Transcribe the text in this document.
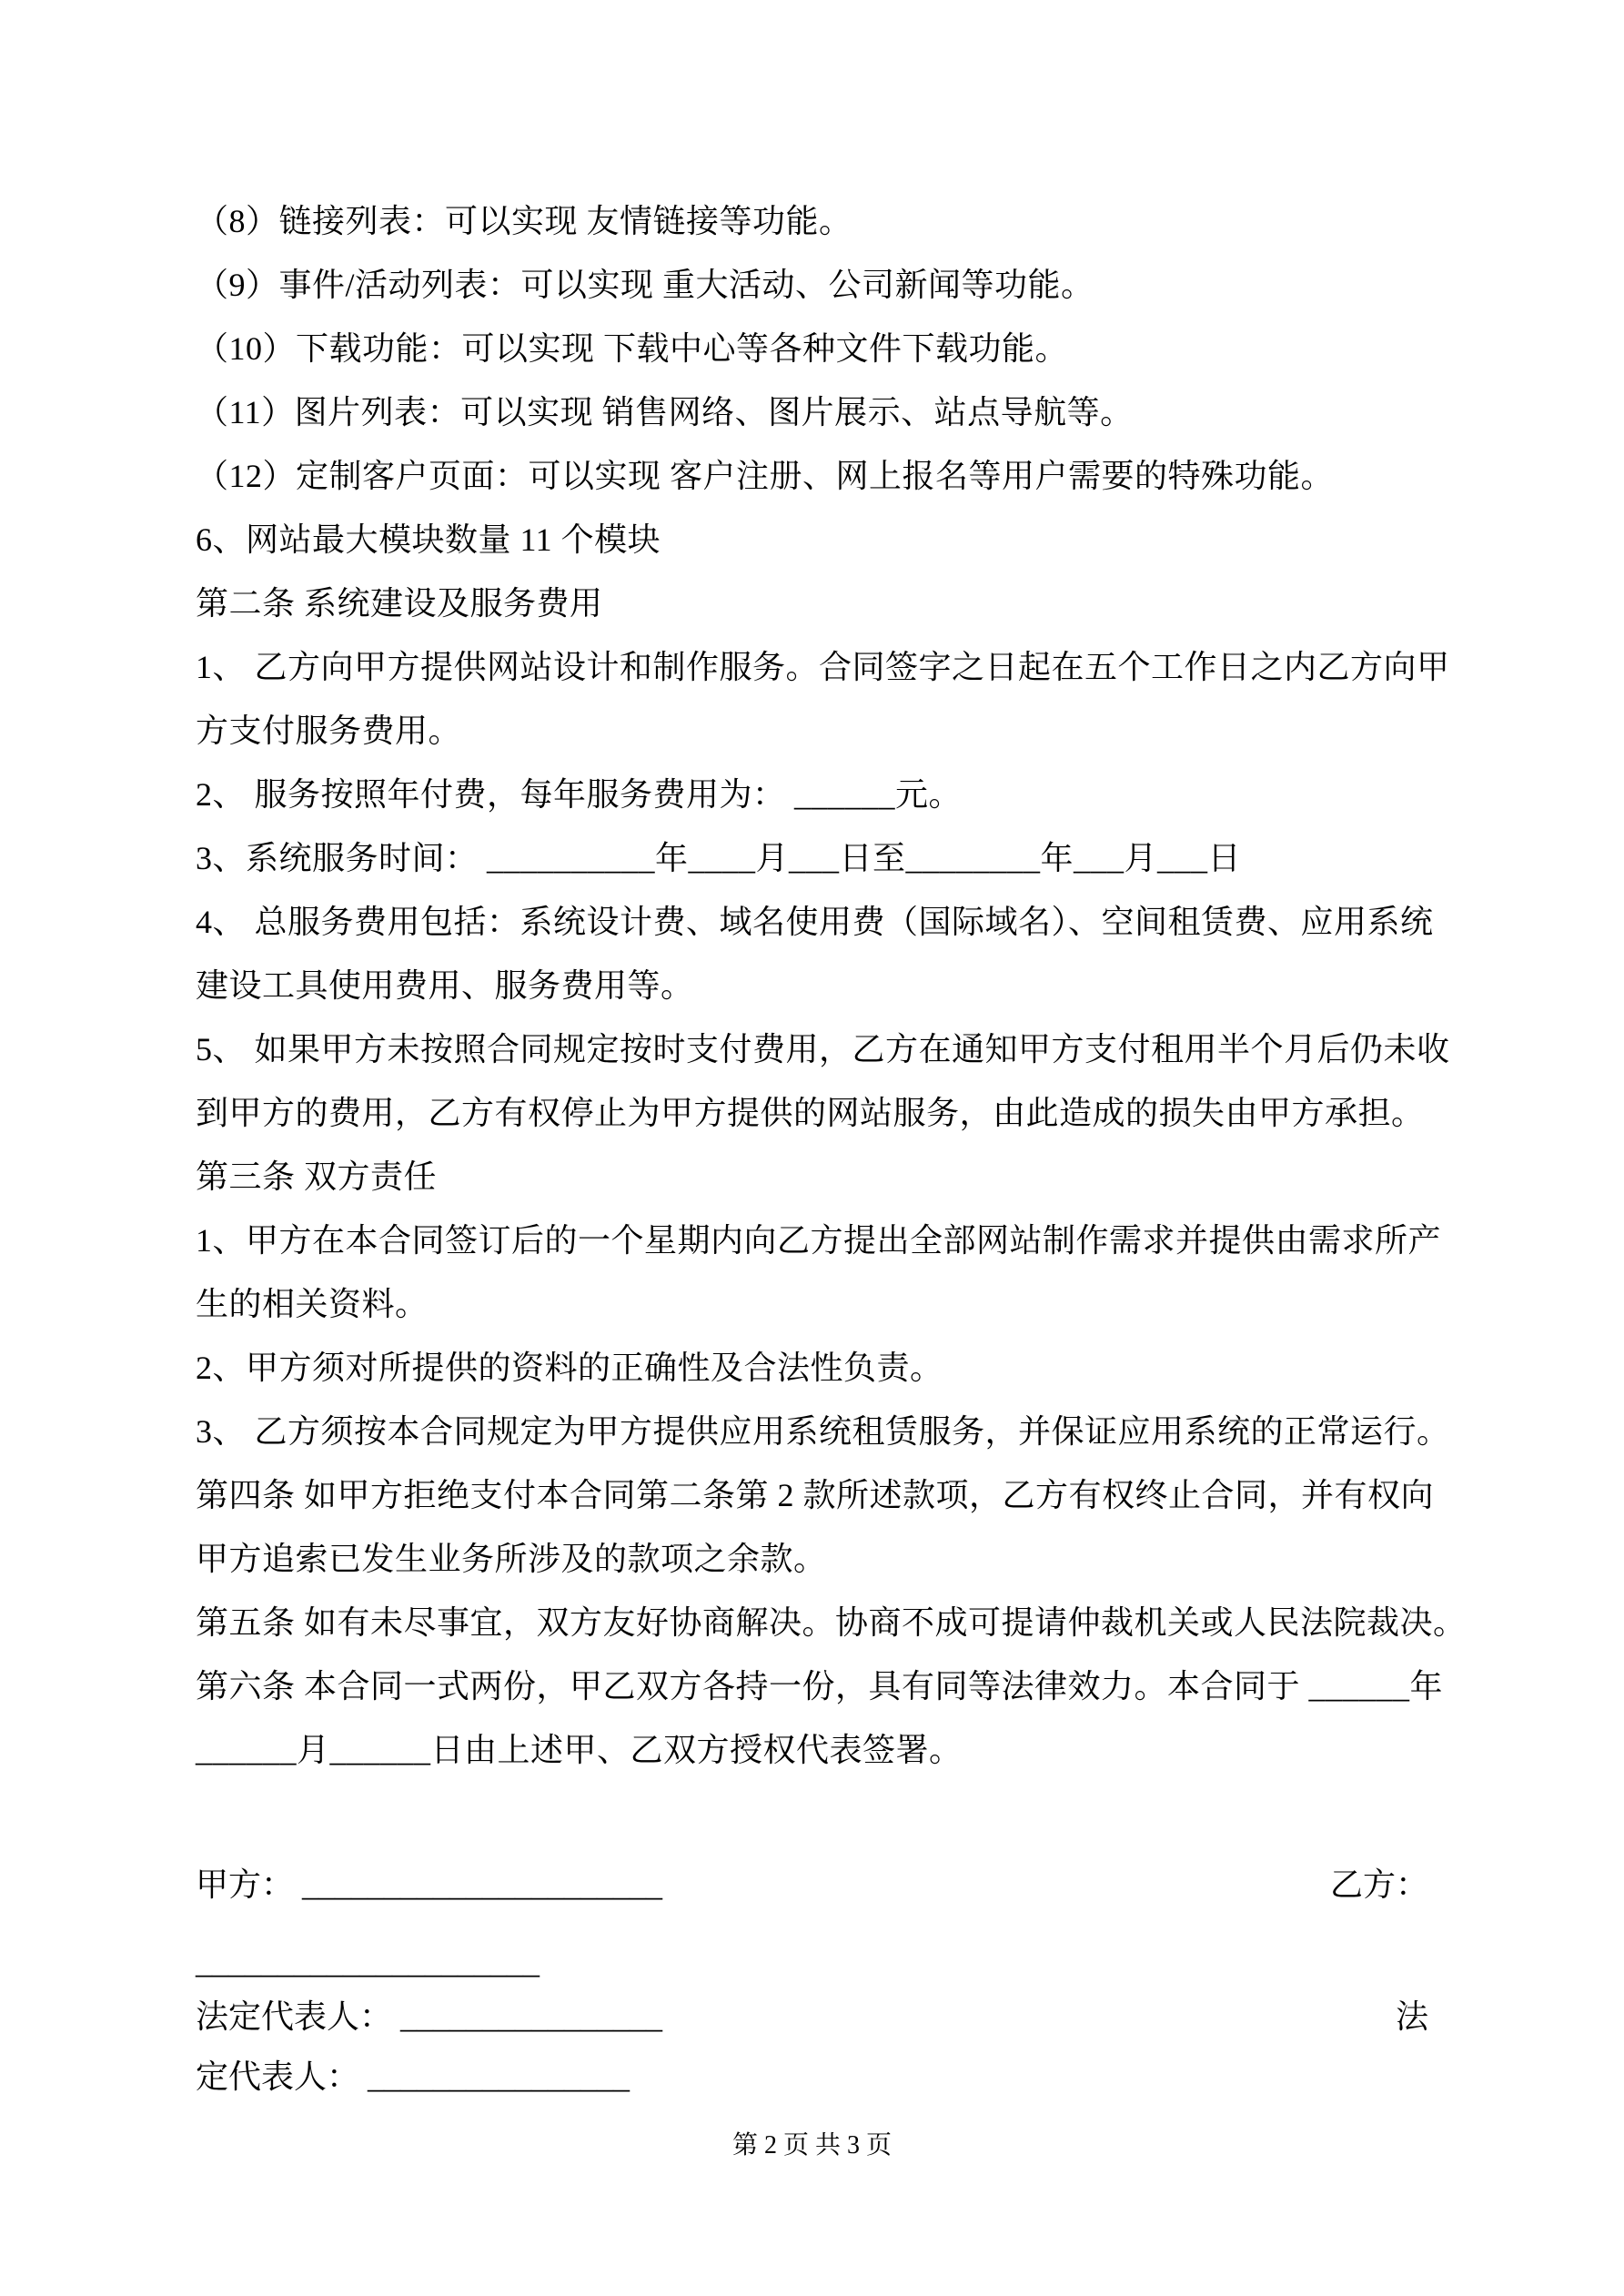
（8）链接列表：可以实现 友情链接等功能。

（9）事件/活动列表：可以实现 重大活动、公司新闻等功能。

（10）下载功能：可以实现 下载中心等各种文件下载功能。

（11）图片列表：可以实现 销售网络、图片展示、站点导航等。

（12）定制客户页面：可以实现 客户注册、网上报名等用户需要的特殊功能。

6、网站最大模块数量 11 个模块

第二条 系统建设及服务费用

1、 乙方向甲方提供网站设计和制作服务。合同签字之日起在五个工作日之内乙方向甲

方支付服务费用。

2、 服务按照年付费，每年服务费用为： ______元。

3、系统服务时间： __________年____月___日至________年___月___日

4、 总服务费用包括：系统设计费、域名使用费（国际域名）、空间租赁费、应用系统

建设工具使用费用、服务费用等。

5、 如果甲方未按照合同规定按时支付费用，乙方在通知甲方支付租用半个月后仍未收

到甲方的费用，乙方有权停止为甲方提供的网站服务，由此造成的损失由甲方承担。

第三条 双方责任

1、甲方在本合同签订后的一个星期内向乙方提出全部网站制作需求并提供由需求所产

生的相关资料。

2、甲方须对所提供的资料的正确性及合法性负责。

3、 乙方须按本合同规定为甲方提供应用系统租赁服务，并保证应用系统的正常运行。

第四条 如甲方拒绝支付本合同第二条第 2 款所述款项，乙方有权终止合同，并有权向

甲方追索已发生业务所涉及的款项之余款。

第五条 如有未尽事宜，双方友好协商解决。协商不成可提请仲裁机关或人民法院裁决。

第六条 本合同一式两份，甲乙双方各持一份，具有同等法律效力。本合同于 ______年

______月______日由上述甲、乙双方授权代表签署。

甲方： ______________________	乙方：
_____________________
法定代表人： ________________	法
定代表人： ________________
第 2 页 共 3 页
